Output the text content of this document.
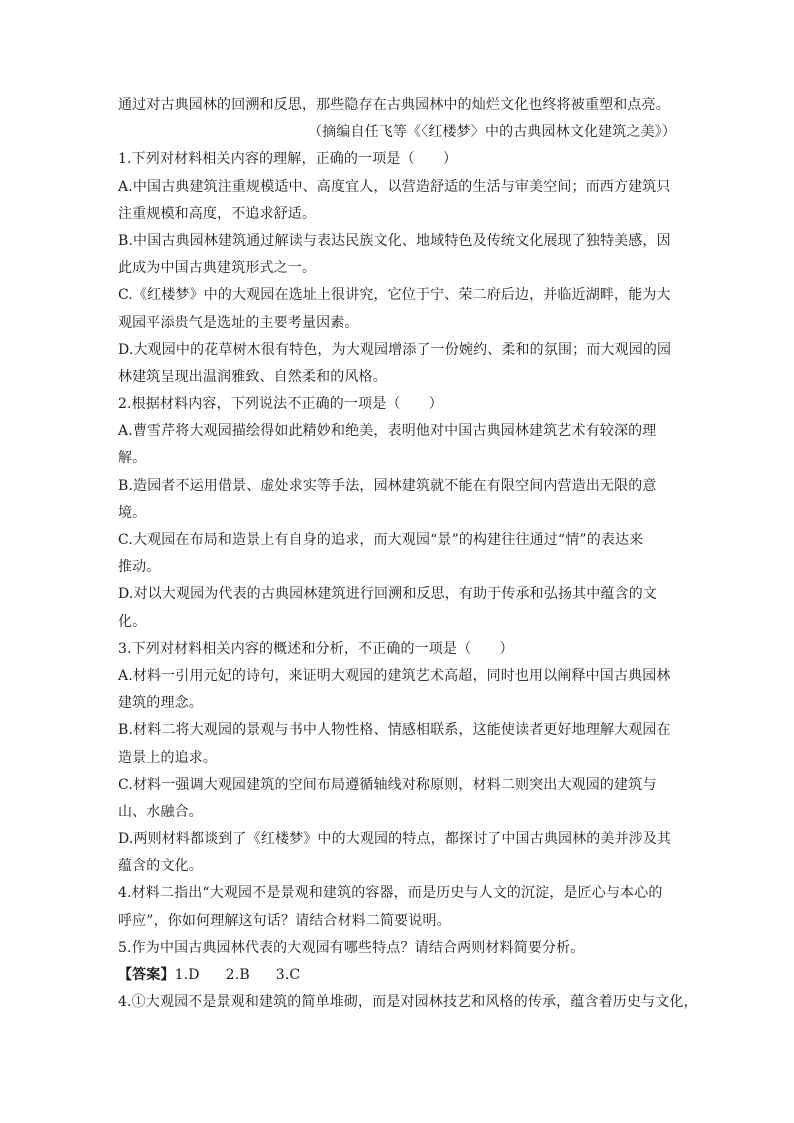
通过对古典园林的回溯和反思，那些隐存在古典园林中的灿烂文化也终将被重塑和点亮。
（摘编自任飞等《〈红楼梦〉中的古典园林文化建筑之美》）
1.下列对材料相关内容的理解，正确的一项是（　　）
A.中国古典建筑注重规模适中、高度宜人，以营造舒适的生活与审美空间；而西方建筑只
注重规模和高度，不追求舒适。
B.中国古典园林建筑通过解读与表达民族文化、地域特色及传统文化展现了独特美感，因
此成为中国古典建筑形式之一。
C.《红楼梦》中的大观园在选址上很讲究，它位于宁、荣二府后边，并临近湖畔，能为大
观园平添贵气是选址的主要考量因素。
D.大观园中的花草树木很有特色，为大观园增添了一份婉约、柔和的氛围；而大观园的园
林建筑呈现出温润雅致、自然柔和的风格。
2.根据材料内容，下列说法不正确的一项是（　　）
A.曹雪芹将大观园描绘得如此精妙和绝美，表明他对中国古典园林建筑艺术有较深的理
解。
B.造园者不运用借景、虚处求实等手法，园林建筑就不能在有限空间内营造出无限的意
境。
C.大观园在布局和造景上有自身的追求，而大观园“景”的构建往往通过“情”的表达来
推动。
D.对以大观园为代表的古典园林建筑进行回溯和反思，有助于传承和弘扬其中蕴含的文
化。
3.下列对材料相关内容的概述和分析，不正确的一项是（　　）
A.材料一引用元妃的诗句，来证明大观园的建筑艺术高超，同时也用以阐释中国古典园林
建筑的理念。
B.材料二将大观园的景观与书中人物性格、情感相联系，这能使读者更好地理解大观园在
造景上的追求。
C.材料一强调大观园建筑的空间布局遵循轴线对称原则，材料二则突出大观园的建筑与
山、水融合。
D.两则材料都谈到了《红楼梦》中的大观园的特点，都探讨了中国古典园林的美并涉及其
蕴含的文化。
4.材料二指出“大观园不是景观和建筑的容器，而是历史与人文的沉淀，是匠心与本心的
呼应”，你如何理解这句话？请结合材料二简要说明。
5.作为中国古典园林代表的大观园有哪些特点？请结合两则材料简要分析。
【答案】1.D 2.B 3.C
4.①大观园不是景观和建筑的简单堆砌，而是对园林技艺和风格的传承，蕴含着历史与文化，
